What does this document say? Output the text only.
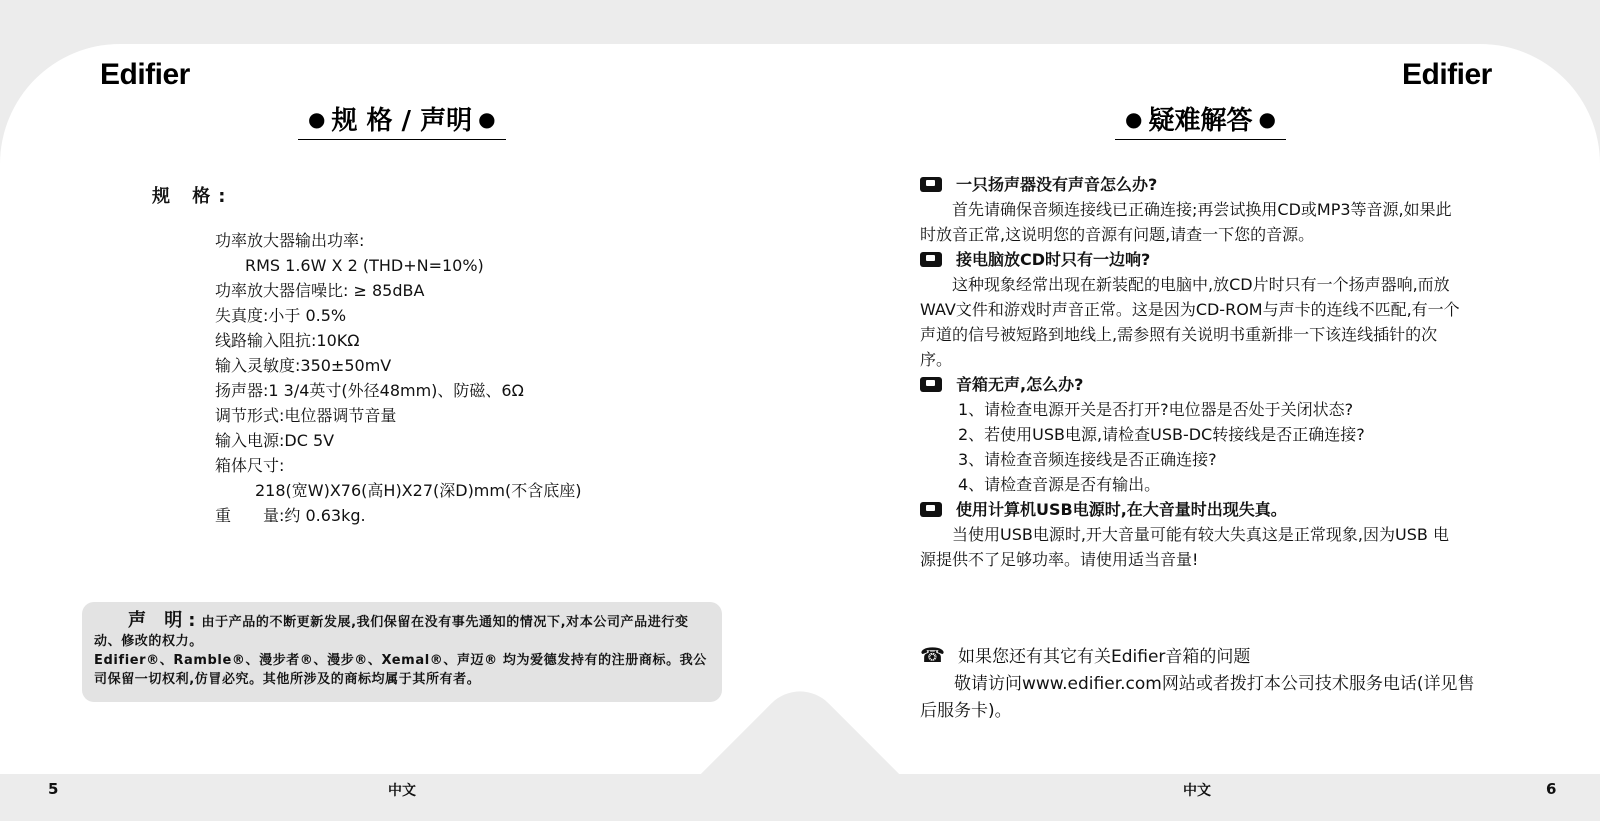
Edifier
● 规 格 / 声明 ●
规 格:
功率放大器输出功率:
RMS 1.6W X 2 (THD+N=10%)
功率放大器信噪比: ≥ 85dBA
失真度:小于 0.5%
线路输入阻抗:10KΩ
输入灵敏度:350±50mV
扬声器:1 3/4英寸(外径48mm)、防磁、6Ω
调节形式:电位器调节音量
输入电源:DC 5V
箱体尺寸:
218(宽W)X76(高H)X27(深D)mm(不含底座)
重　　量:约 0.63kg.
声 明:由于产品的不断更新发展,我们保留在没有事先通知的情况下,对本公司产品进行变动、修改的权力。
Edifier®、Ramble®、漫步者®、漫步®、Xemal®、声迈® 均为爱德发持有的注册商标。我公司保留一切权利,仿冒必究。其他所涉及的商标均属于其所有者。
5	中文
Edifier
● 疑难解答 ●
一只扬声器没有声音怎么办?
首先请确保音频连接线已正确连接;再尝试换用CD或MP3等音源,如果此时放音正常,这说明您的音源有问题,请查一下您的音源。
接电脑放CD时只有一边响?
这种现象经常出现在新装配的电脑中,放CD片时只有一个扬声器响,而放WAV文件和游戏时声音正常。这是因为CD-ROM与声卡的连线不匹配,有一个声道的信号被短路到地线上,需参照有关说明书重新排一下该连线插针的次序。
音箱无声,怎么办?
1、请检查电源开关是否打开?电位器是否处于关闭状态?
2、若使用USB电源,请检查USB-DC转接线是否正确连接?
3、请检查音频连接线是否正确连接?
4、请检查音源是否有输出。
使用计算机USB电源时,在大音量时出现失真。
当使用USB电源时,开大音量可能有较大失真这是正常现象,因为USB 电源提供不了足够功率。请使用适当音量!
☎ 如果您还有其它有关Edifier音箱的问题
敬请访问www.edifier.com网站或者拨打本公司技术服务电话(详见售后服务卡)。
中文	6
